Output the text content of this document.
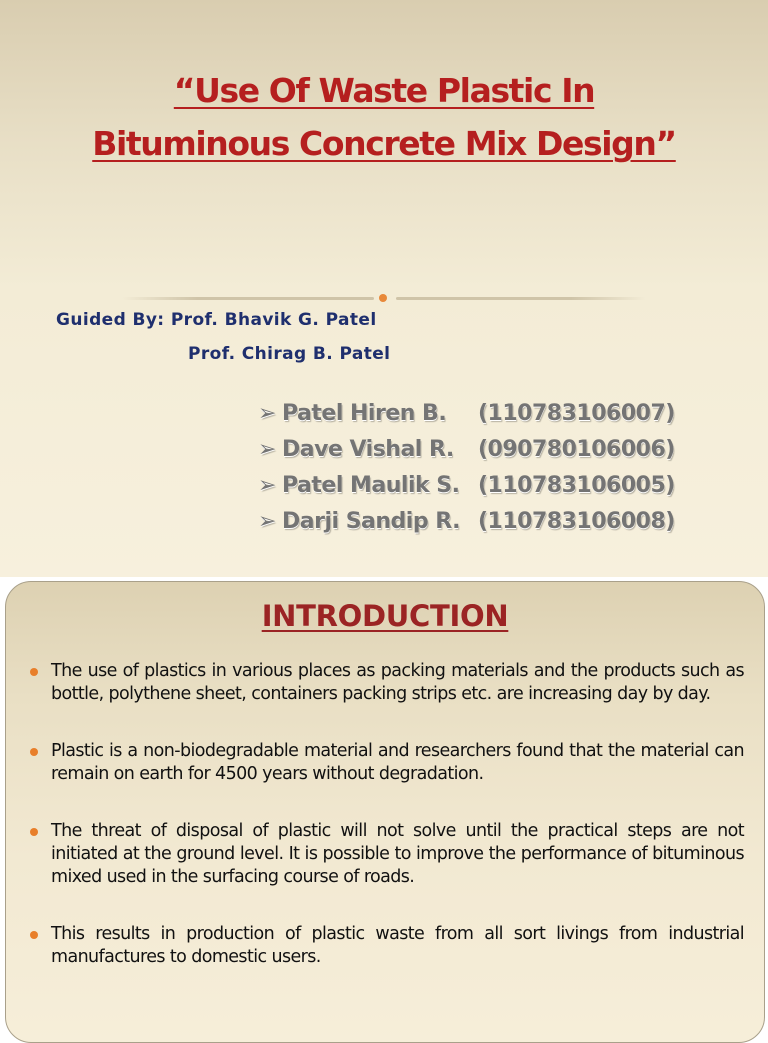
“Use Of Waste Plastic In
Bituminous Concrete Mix Design”
Guided By: Prof. Bhavik G. Patel
Prof. Chirag B. Patel
➢ Patel Hiren B. (110783106007)
➢ Dave Vishal R. (090780106006)
➢ Patel Maulik S. (110783106005)
➢ Darji Sandip R. (110783106008)
INTRODUCTION
The use of plastics in various places as packing materials and the products such as bottle, polythene sheet, containers packing strips etc. are increasing day by day.
Plastic is a non-biodegradable material and researchers found that the material can remain on earth for 4500 years without degradation.
The threat of disposal of plastic will not solve until the practical steps are not initiated at the ground level. It is possible to improve the performance of bituminous mixed used in the surfacing course of roads.
This results in production of plastic waste from all sort livings from industrial manufactures to domestic users.
